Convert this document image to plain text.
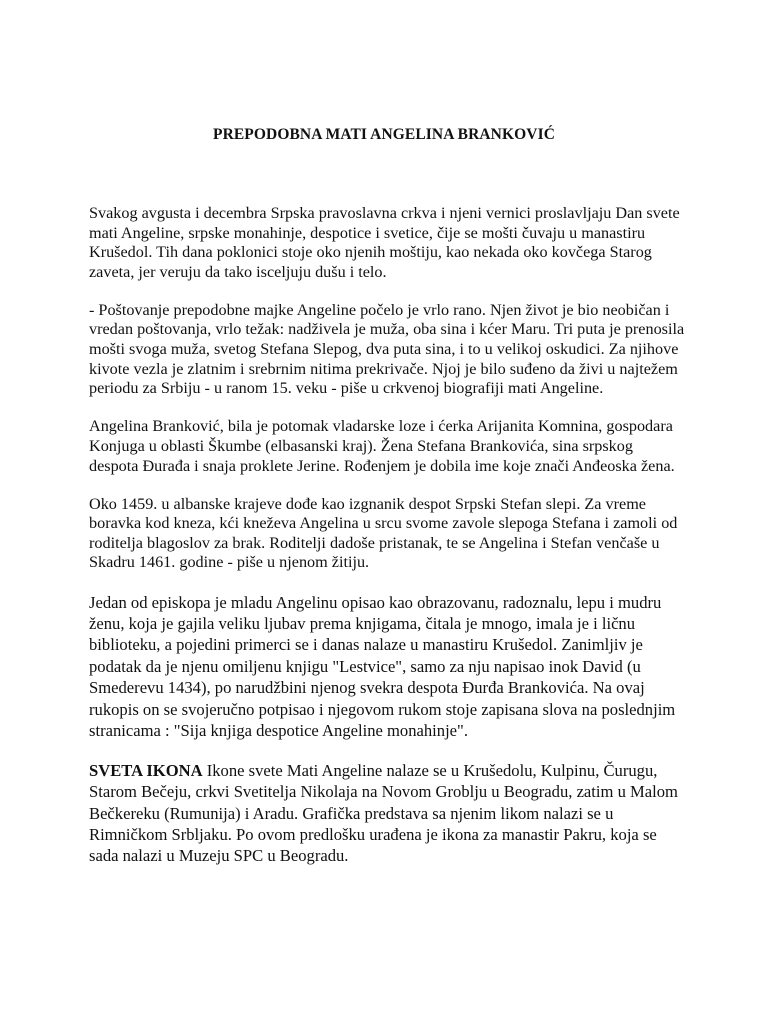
PREPODOBNA MATI ANGELINA BRANKOVIĆ

Svakog avgusta i decembra Srpska pravoslavna crkva i njeni vernici proslavljaju Dan svete mati Angeline, srpske monahinje, despotice i svetice, čije se mošti čuvaju u manastiru Krušedol. Tih dana poklonici stoje oko njenih moštiju, kao nekada oko kovčega Starog zaveta, jer veruju da tako isceljuju dušu i telo.

- Poštovanje prepodobne majke Angeline počelo je vrlo rano. Njen život je bio neobičan i vredan poštovanja, vrlo težak: nadživela je muža, oba sina i kćer Maru. Tri puta je prenosila mošti svoga muža, svetog Stefana Slepog, dva puta sina, i to u velikoj oskudici. Za njihove kivote vezla je zlatnim i srebrnim nitima prekrivače. Njoj je bilo suđeno da živi u najtežem periodu za Srbiju - u ranom 15. veku - piše u crkvenoj biografiji mati Angeline.

Angelina Branković, bila je potomak vladarske loze i ćerka Arijanita Komnina, gospodara Konjuga u oblasti Škumbe (elbasanski kraj). Žena Stefana Brankovića, sina srpskog despota Đurađa i snaja proklete Jerine. Rođenjem je dobila ime koje znači Anđeoska žena.

Oko 1459. u albanske krajeve dođe kao izgnanik despot Srpski Stefan slepi. Za vreme boravka kod kneza, kći kneževa Angelina u srcu svome zavole slepoga Stefana i zamoli od roditelja blagoslov za brak. Roditelji dadoše pristanak, te se Angelina i Stefan venčaše u Skadru 1461. godine - piše u njenom žitiju.

Jedan od episkopa je mladu Angelinu opisao kao obrazovanu, radoznalu, lepu i mudru ženu, koja je gajila veliku ljubav prema knjigama, čitala je mnogo, imala je i ličnu biblioteku, a pojedini primerci se i danas nalaze u manastiru Krušedol. Zanimljiv je podatak da je njenu omiljenu knjigu "Lestvice", samo za nju napisao inok David (u Smederevu 1434), po narudžbini njenog svekra despota Đurđa Brankovića. Na ovaj rukopis on se svojeručno potpisao i njegovom rukom stoje zapisana slova na poslednjim stranicama : "Sija knjiga despotice Angeline monahinje".

SVETA IKONA Ikone svete Mati Angeline nalaze se u Krušedolu, Kulpinu, Čurugu, Starom Bečeju, crkvi Svetitelja Nikolaja na Novom Groblju u Beogradu, zatim u Malom Bečkereku (Rumunija) i Aradu. Grafička predstava sa njenim likom nalazi se u Rimničkom Srbljaku. Po ovom predlošku urađena je ikona za manastir Pakru, koja se sada nalazi u Muzeju SPC u Beogradu.
